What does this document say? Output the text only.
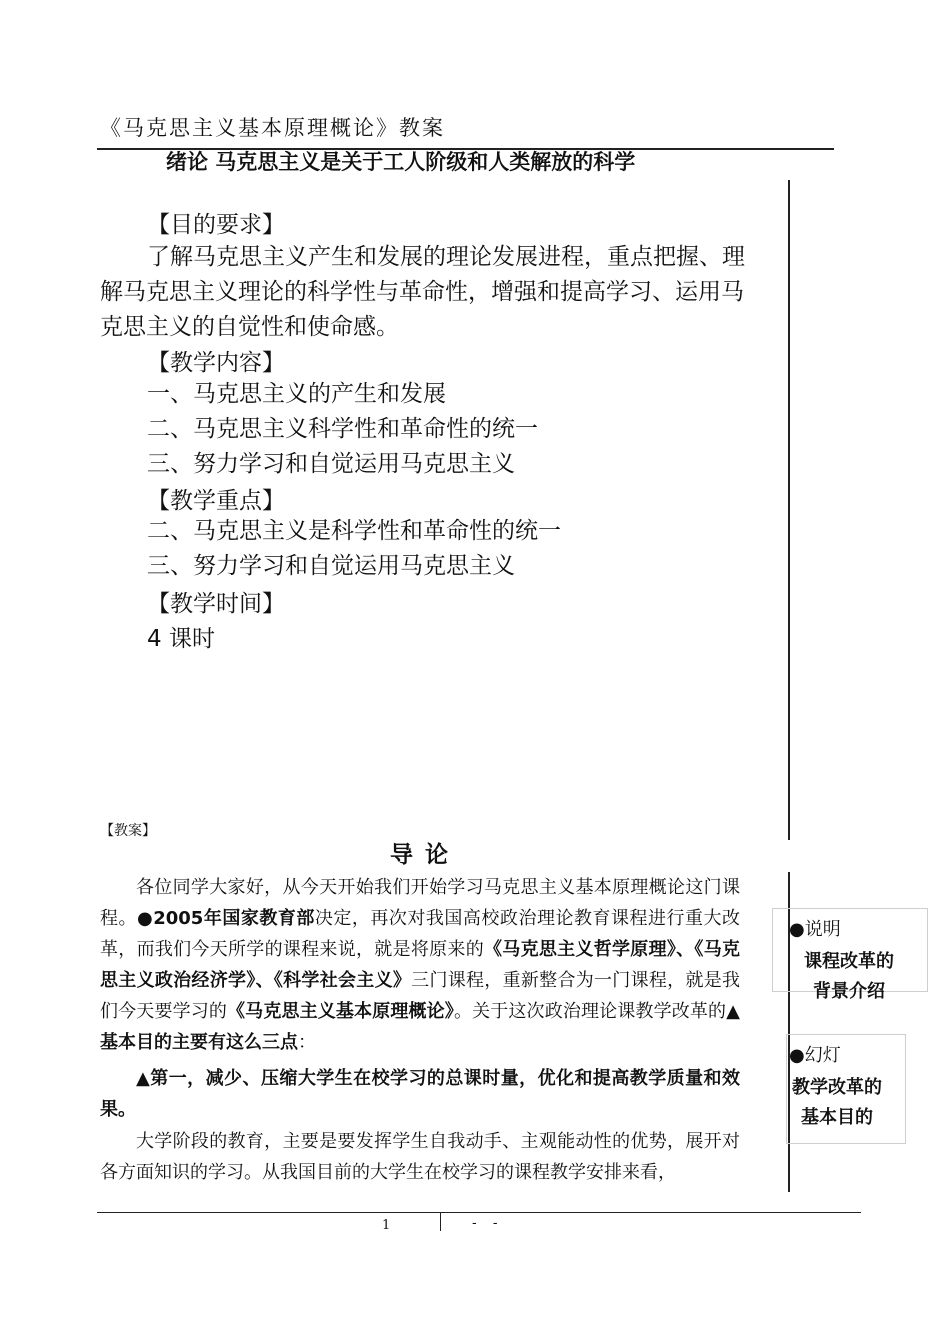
《马克思主义基本原理概论》教案
绪论 马克思主义是关于工人阶级和人类解放的科学
【目的要求】
了解马克思主义产生和发展的理论发展进程，重点把握、理解马克思主义理论的科学性与革命性，增强和提高学习、运用马克思主义的自觉性和使命感。
【教学内容】
一、马克思主义的产生和发展
二、马克思主义科学性和革命性的统一
三、努力学习和自觉运用马克思主义
【教学重点】
二、马克思主义是科学性和革命性的统一
三、努力学习和自觉运用马克思主义
【教学时间】
4 课时
【教案】
导 论
各位同学大家好，从今天开始我们开始学习马克思主义基本原理概论这门课程。●2005年国家教育部决定，再次对我国高校政治理论教育课程进行重大改革，而我们今天所学的课程来说，就是将原来的《马克思主义哲学原理》、《马克思主义政治经济学》、《科学社会主义》三门课程，重新整合为一门课程，就是我们今天要学习的《马克思主义基本原理概论》。关于这次政治理论课教学改革的▲基本目的主要有这么三点：
▲第一，减少、压缩大学生在校学习的总课时量，优化和提高教学质量和效果。
大学阶段的教育，主要是要发挥学生自我动手、主观能动性的优势，展开对各方面知识的学习。从我国目前的大学生在校学习的课程教学安排来看，
●说明
课程改革的背景介绍
●幻灯
教学改革的基本目的
1	- -
